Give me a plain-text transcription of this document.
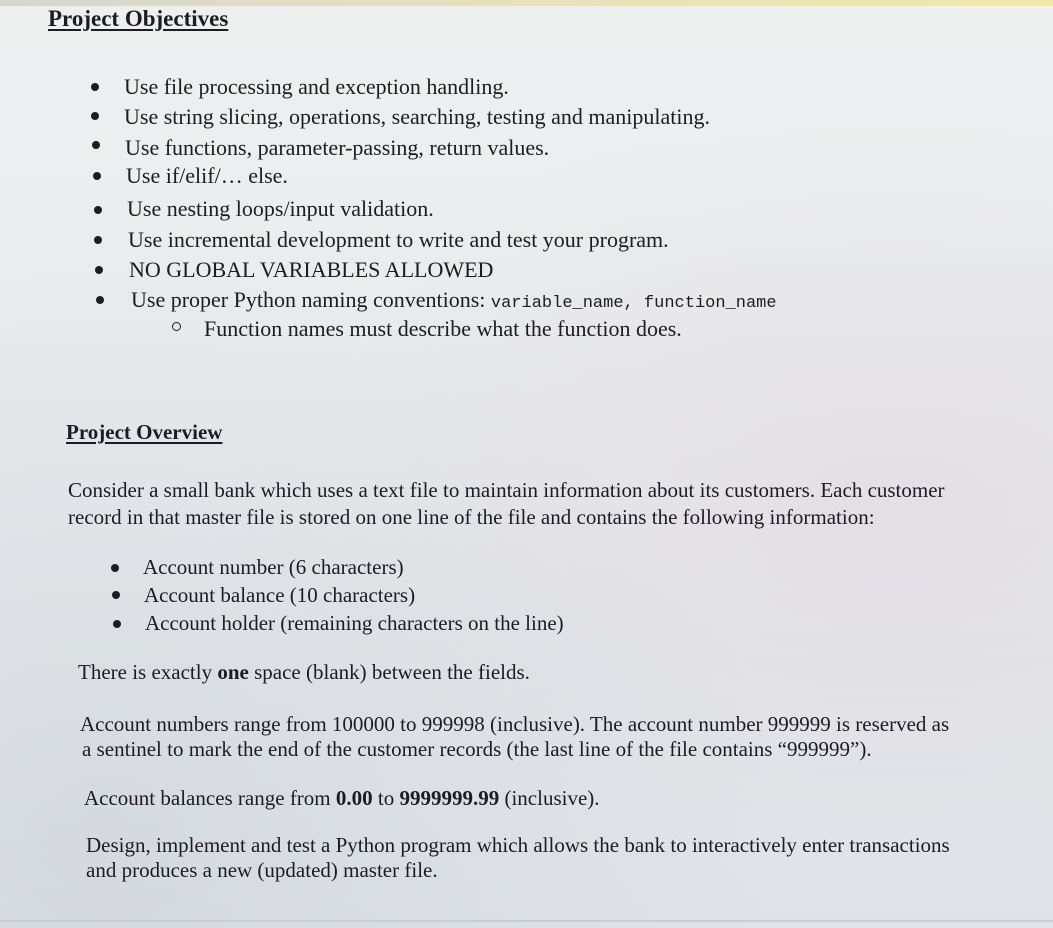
Project Objectives
Use file processing and exception handling.
Use string slicing, operations, searching, testing and manipulating.
Use functions, parameter-passing, return values.
Use if/elif/… else.
Use nesting loops/input validation.
Use incremental development to write and test your program.
NO GLOBAL VARIABLES ALLOWED
Use proper Python naming conventions: variable_name, function_name
Function names must describe what the function does.
Project Overview
Consider a small bank which uses a text file to maintain information about its customers. Each customer
record in that master file is stored on one line of the file and contains the following information:
Account number (6 characters)
Account balance (10 characters)
Account holder (remaining characters on the line)
There is exactly one space (blank) between the fields.
Account numbers range from 100000 to 999998 (inclusive). The account number 999999 is reserved as
a sentinel to mark the end of the customer records (the last line of the file contains “999999”).
Account balances range from 0.00 to 9999999.99 (inclusive).
Design, implement and test a Python program which allows the bank to interactively enter transactions
and produces a new (updated) master file.
